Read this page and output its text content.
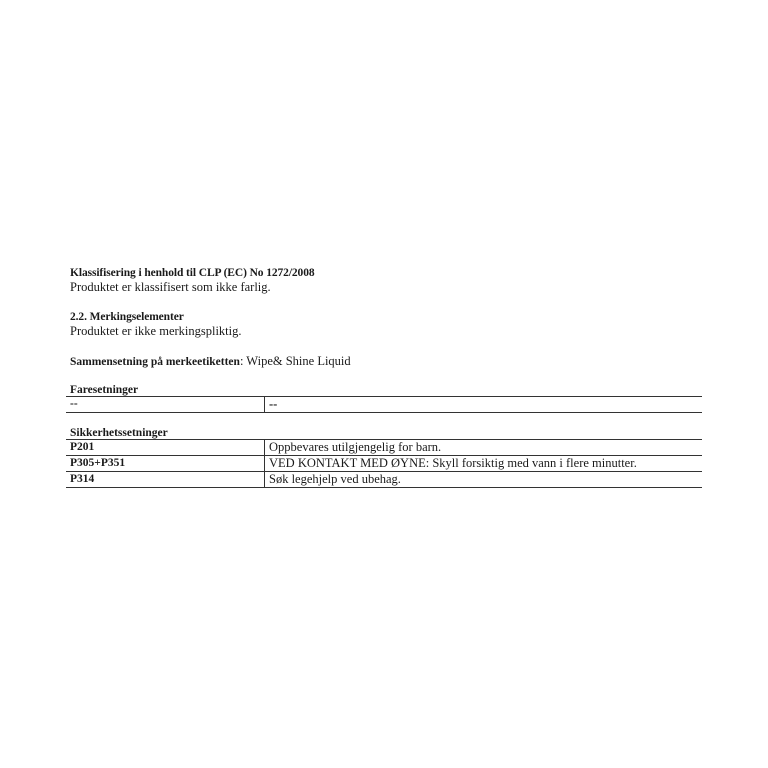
Klassifisering i henhold til CLP (EC) No 1272/2008
Produktet er klassifisert som ikke farlig.
2.2. Merkingselementer
Produktet er ikke merkingspliktig.
Sammensetning på merkeetiketten: Wipe& Shine Liquid
Faresetninger
--	--
Sikkerhetssetninger
P201	Oppbevares utilgjengelig for barn.
P305+P351	VED KONTAKT MED ØYNE: Skyll forsiktig med vann i flere minutter.
P314	Søk legehjelp ved ubehag.
